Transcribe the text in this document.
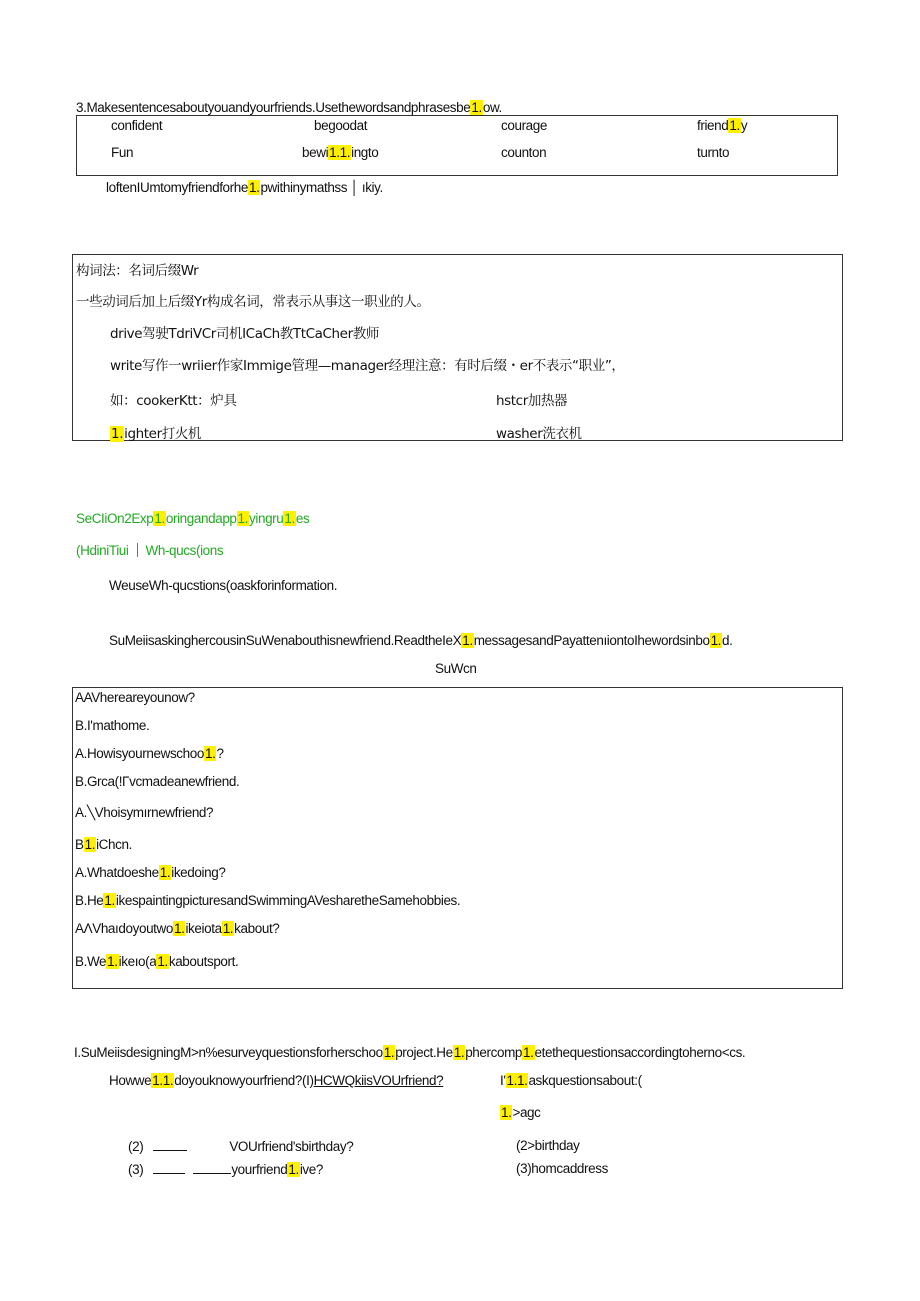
3.Makesentencesaboutyouandyourfriends.Usethewordsandphrasesbe1.ow.
confident	begoodat	courage	friend1.y
Fun	bewi1.1.ingto	counton	turnto
loftenIUmtomyfriendforhe1.pwithinymathss │ ıkiy.
构词法：名词后缀Wr
一些动词后加上后缀Yr构成名词，常表示从事这一职业的人。
drive驾驶TdriVCr司机ICaCh教TtCaCher教师
write写作一wriier作家Immige管理—manager经理注意：有时后缀・er不表示“职业”，
如：cookerKtt：炉具	hstcr加热器
1.ighter打火机	washer洗衣机
SeCIiOn2Exp1.oringandapp1.yingru1.es
(HdiniTiui Wh-qucs(ions
WeuseWh-qucstions(oaskforinformation.
SuMeiisaskinghercousinSuWenabouthisnewfriend.ReadtheIeX1.messagesandPayattenıiontoIhewordsinbo1.d.
SuWcn
AAVhereareyounow?
B.I'mathome.
A.Howisyournewschoo1.?
B.Grca(!Γvcmadeanewfriend.
A.╲Vhoisymırnewfriend?
B1.iChcn.
A.Whatdoeshe1.ikedoing?
B.He1.ikespaintingpicturesandSwimmingAVesharetheSamehobbies.
AΛVhaıdoyoutwo1.ikeiota1.kabout?
B.We1.ikeıo(a1.kaboutsport.
I.SuMeiisdesigningM>n%esurveyquestionsforherschoo1.project.He1.phercomp1.etethequestionsaccordingtoherno<cs.
Howwe1.1.doyouknowyourfriend?(I)HCWQkiisVOUrfriend?	I'1.1.askquestionsabout:(
1.>agc
(2)	VOUrfriend'sbirthday?	(2>birthday
(3)	yourfriend1.ive?	(3)homcaddress
